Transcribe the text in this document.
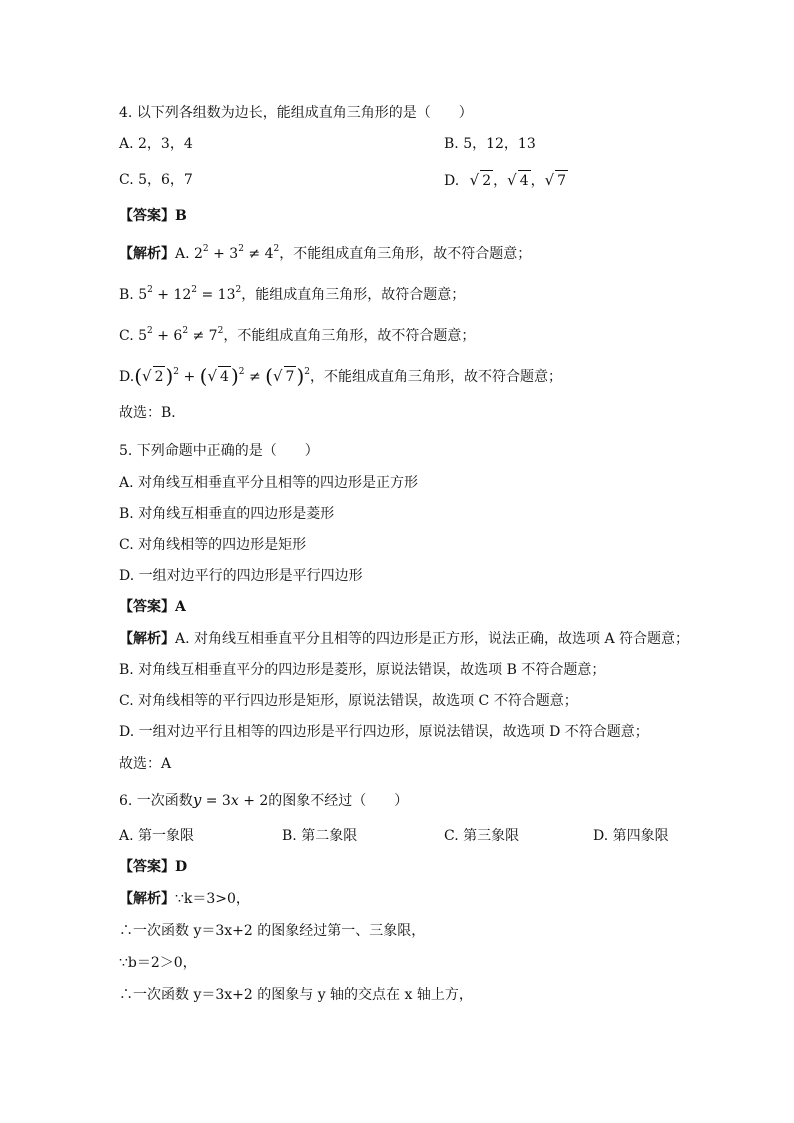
4. 以下列各组数为边长，能组成直角三角形的是（　　）
A. 2，3，4	B. 5，12，13
C. 5，6，7	D. √ 2 ，√ 4 ，√ 7
【答案】B
【解析】A. $2^2 + 3^2 \ne 4^2$，不能组成直角三角形，故不符合题意；
B. $5^2 + 12^2 = 13^2$，能组成直角三角形，故符合题意；
C. $5^2 + 6^2 \ne 7^2$，不能组成直角三角形，故不符合题意；
D.(√ 2 )$^2$ + (√ 4 )$^2$ ≠ (√ 7 )$^2$，不能组成直角三角形，故不符合题意；
故选：B．
5. 下列命题中正确的是（　　）
A. 对角线互相垂直平分且相等的四边形是正方形
B. 对角线互相垂直的四边形是菱形
C. 对角线相等的四边形是矩形
D. 一组对边平行的四边形是平行四边形
【答案】A
【解析】A. 对角线互相垂直平分且相等的四边形是正方形，说法正确，故选项 A 符合题意；
B. 对角线互相垂直平分的四边形是菱形，原说法错误，故选项 B 不符合题意；
C. 对角线相等的平行四边形是矩形，原说法错误，故选项 C 不符合题意；
D. 一组对边平行且相等的四边形是平行四边形，原说法错误，故选项 D 不符合题意；
故选：A
6. 一次函数y = 3x + 2的图象不经过（　　）
A. 第一象限	B. 第二象限	C. 第三象限	D. 第四象限
【答案】D
【解析】∵k＝3>0，
∴一次函数 y＝3x+2 的图象经过第一、三象限，
∵b＝2＞0，
∴一次函数 y＝3x+2 的图象与 y 轴的交点在 x 轴上方，
